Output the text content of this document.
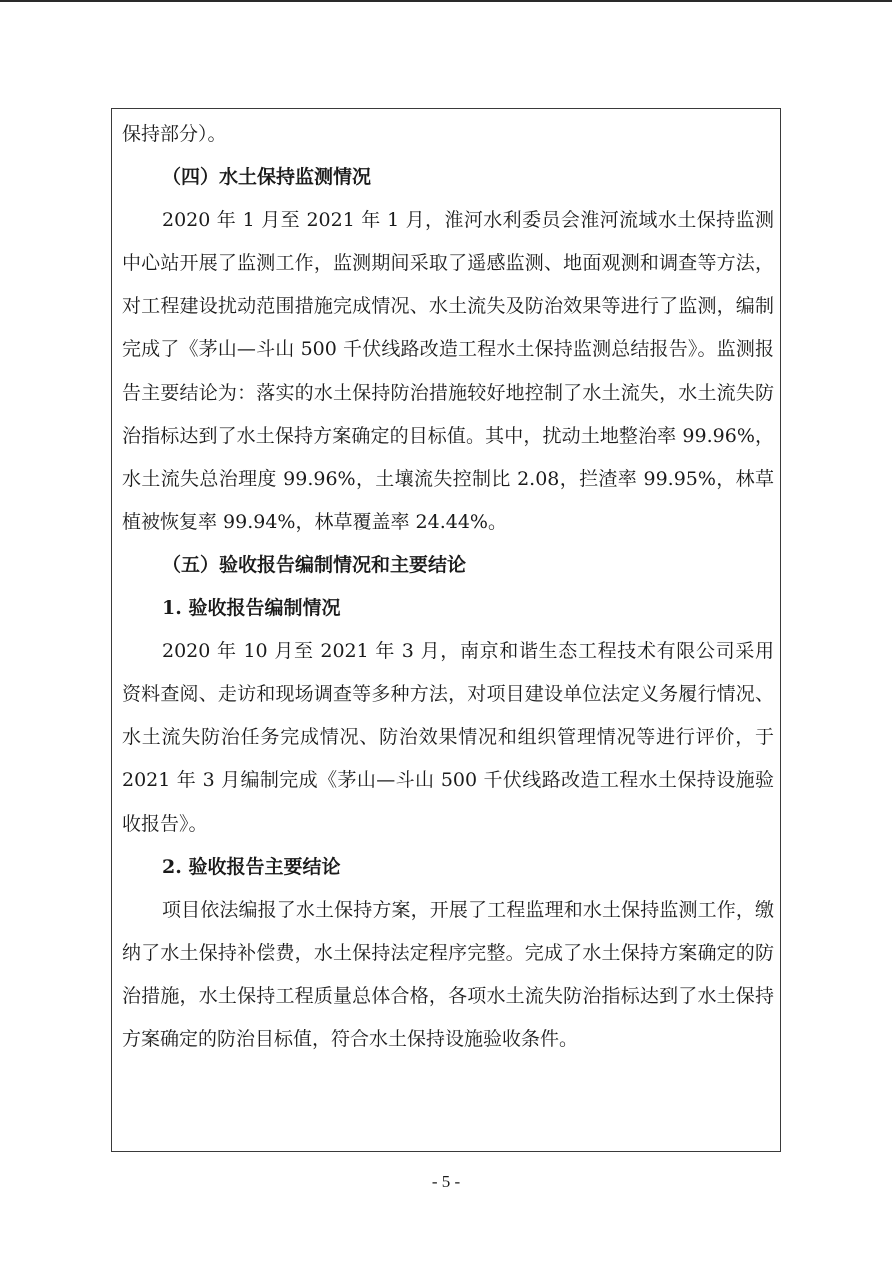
保持部分）。

（四）水土保持监测情况

2020 年 1 月至 2021 年 1 月，淮河水利委员会淮河流域水土保持监测中心站开展了监测工作，监测期间采取了遥感监测、地面观测和调查等方法，对工程建设扰动范围措施完成情况、水土流失及防治效果等进行了监测，编制完成了《茅山—斗山 500 千伏线路改造工程水土保持监测总结报告》。监测报告主要结论为：落实的水土保持防治措施较好地控制了水土流失，水土流失防治指标达到了水土保持方案确定的目标值。其中，扰动土地整治率 99.96%，水土流失总治理度 99.96%，土壤流失控制比 2.08，拦渣率 99.95%，林草植被恢复率 99.94%，林草覆盖率 24.44%。

（五）验收报告编制情况和主要结论

1. 验收报告编制情况

2020 年 10 月至 2021 年 3 月，南京和谐生态工程技术有限公司采用资料查阅、走访和现场调查等多种方法，对项目建设单位法定义务履行情况、水土流失防治任务完成情况、防治效果情况和组织管理情况等进行评价，于 2021 年 3 月编制完成《茅山—斗山 500 千伏线路改造工程水土保持设施验收报告》。

2. 验收报告主要结论

项目依法编报了水土保持方案，开展了工程监理和水土保持监测工作，缴纳了水土保持补偿费，水土保持法定程序完整。完成了水土保持方案确定的防治措施，水土保持工程质量总体合格，各项水土流失防治指标达到了水土保持方案确定的防治目标值，符合水土保持设施验收条件。

- 5 -
